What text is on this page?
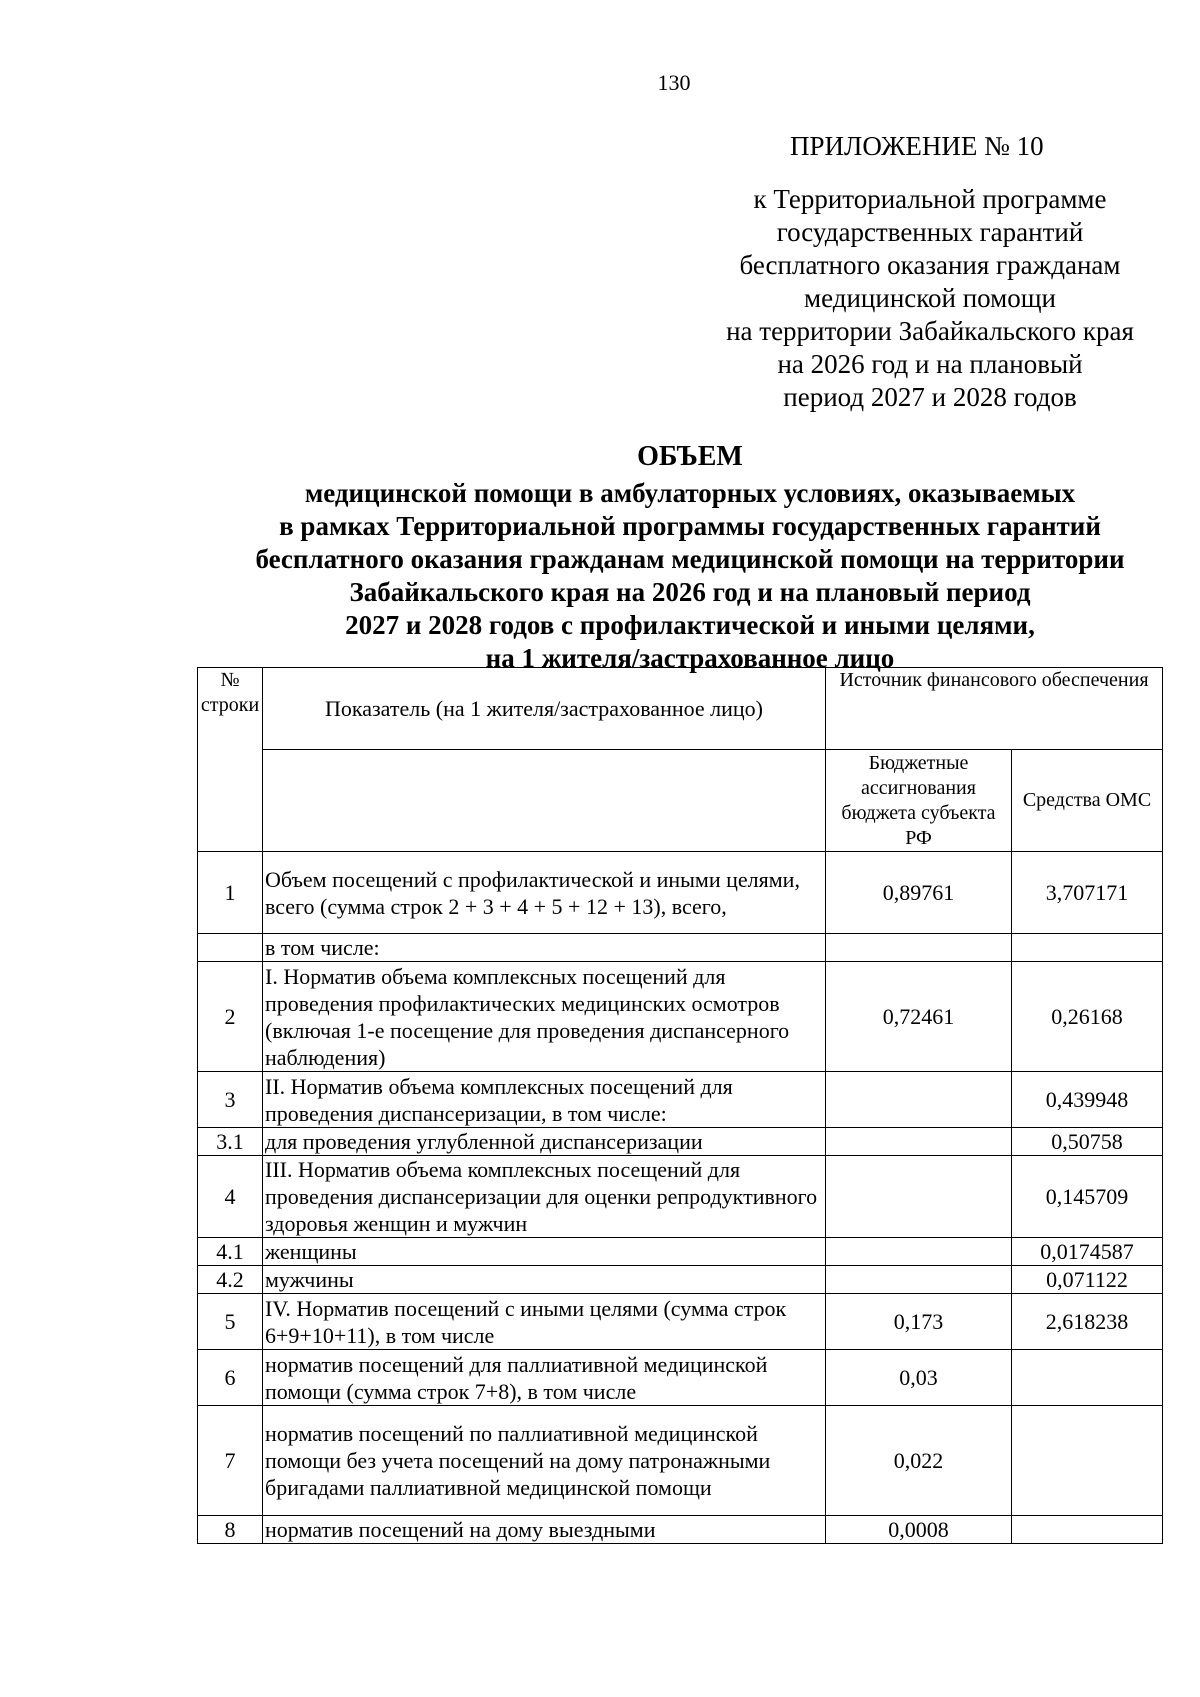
130
ПРИЛОЖЕНИЕ № 10
к Территориальной программе
государственных гарантий
бесплатного оказания гражданам
медицинской помощи
на территории Забайкальского края
на 2026 год и на плановый
период 2027 и 2028 годов
ОБЪЕМ
медицинской помощи в амбулаторных условиях, оказываемых
в рамках Территориальной программы государственных гарантий
бесплатного оказания гражданам медицинской помощи на территории
Забайкальского края на 2026 год и на плановый период
2027 и 2028 годов с профилактической и иными целями,
на 1 жителя/застрахованное лицо
№ строки	Показатель (на 1 жителя/застрахованное лицо)	Источник финансового обеспечения	
		Бюджетные ассигнования бюджета субъекта РФ	Средства ОМС
1	Объем посещений с профилактической и иными целями, всего (сумма строк 2 + 3 + 4 + 5 + 12 + 13), всего,	0,89761	3,707171
	в том числе:		
2	I. Норматив объема комплексных посещений для проведения профилактических медицинских осмотров (включая 1-е посещение для проведения диспансерного наблюдения)	0,72461	0,26168
3	II. Норматив объема комплексных посещений для проведения диспансеризации, в том числе:		0,439948
3.1	для проведения углубленной диспансеризации		0,50758
4	III. Норматив объема комплексных посещений для проведения диспансеризации для оценки репродуктивного здоровья женщин и мужчин		0,145709
4.1	женщины		0,0174587
4.2	мужчины		0,071122
5	IV. Норматив посещений с иными целями (сумма строк 6+9+10+11), в том числе	0,173	2,618238
6	норматив посещений для паллиативной медицинской помощи (сумма строк 7+8), в том числе	0,03	
7	норматив посещений по паллиативной медицинской помощи без учета посещений на дому патронажными бригадами паллиативной медицинской помощи	0,022	
8	норматив посещений на дому выездными	0,0008	
